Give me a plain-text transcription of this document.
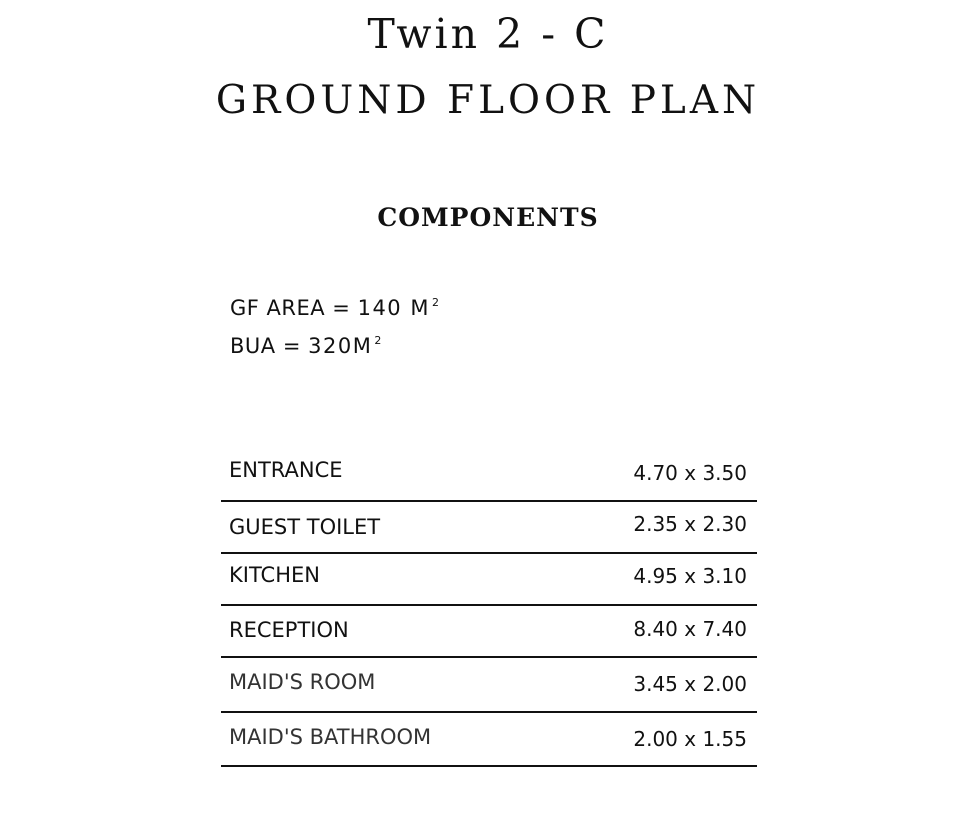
Twin 2 - C
GROUND FLOOR PLAN
COMPONENTS
GF AREA = 140 M $^2$
BUA = 320M $^2$
ENTRANCE	4.70 x 3.50
GUEST TOILET	2.35 x 2.30
KITCHEN	4.95 x 3.10
RECEPTION	8.40 x 7.40
MAID'S ROOM	3.45 x 2.00
MAID'S BATHROOM	2.00 x 1.55
